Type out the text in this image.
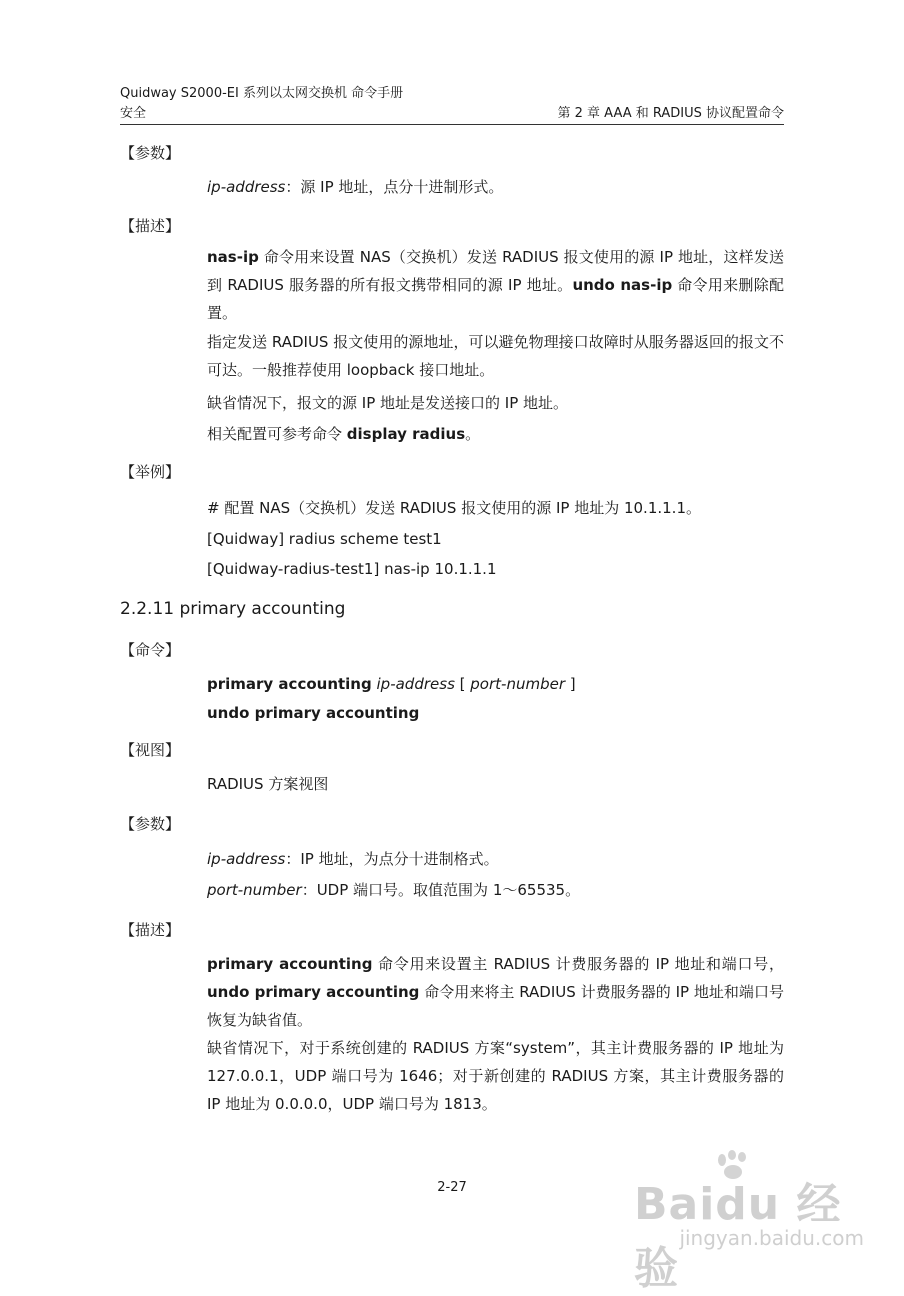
Quidway S2000-EI 系列以太网交换机 命令手册
安全	第 2 章 AAA 和 RADIUS 协议配置命令
【参数】
ip-address：源 IP 地址，点分十进制形式。
【描述】
nas-ip 命令用来设置 NAS（交换机）发送 RADIUS 报文使用的源 IP 地址，这样发送到 RADIUS 服务器的所有报文携带相同的源 IP 地址。undo nas-ip 命令用来删除配置。
指定发送 RADIUS 报文使用的源地址，可以避免物理接口故障时从服务器返回的报文不可达。一般推荐使用 loopback 接口地址。
缺省情况下，报文的源 IP 地址是发送接口的 IP 地址。
相关配置可参考命令 display radius。
【举例】
# 配置 NAS（交换机）发送 RADIUS 报文使用的源 IP 地址为 10.1.1.1。
[Quidway] radius scheme test1
[Quidway-radius-test1] nas-ip 10.1.1.1
2.2.11 primary accounting
【命令】
primary accounting ip-address [ port-number ]
undo primary accounting
【视图】
RADIUS 方案视图
【参数】
ip-address：IP 地址，为点分十进制格式。
port-number：UDP 端口号。取值范围为 1～65535。
【描述】
primary accounting 命令用来设置主 RADIUS 计费服务器的 IP 地址和端口号，undo primary accounting 命令用来将主 RADIUS 计费服务器的 IP 地址和端口号恢复为缺省值。
缺省情况下，对于系统创建的 RADIUS 方案“system”，其主计费服务器的 IP 地址为 127.0.0.1，UDP 端口号为 1646；对于新创建的 RADIUS 方案，其主计费服务器的 IP 地址为 0.0.0.0，UDP 端口号为 1813。
2-27	Baidu 经验
jingyan.baidu.com
